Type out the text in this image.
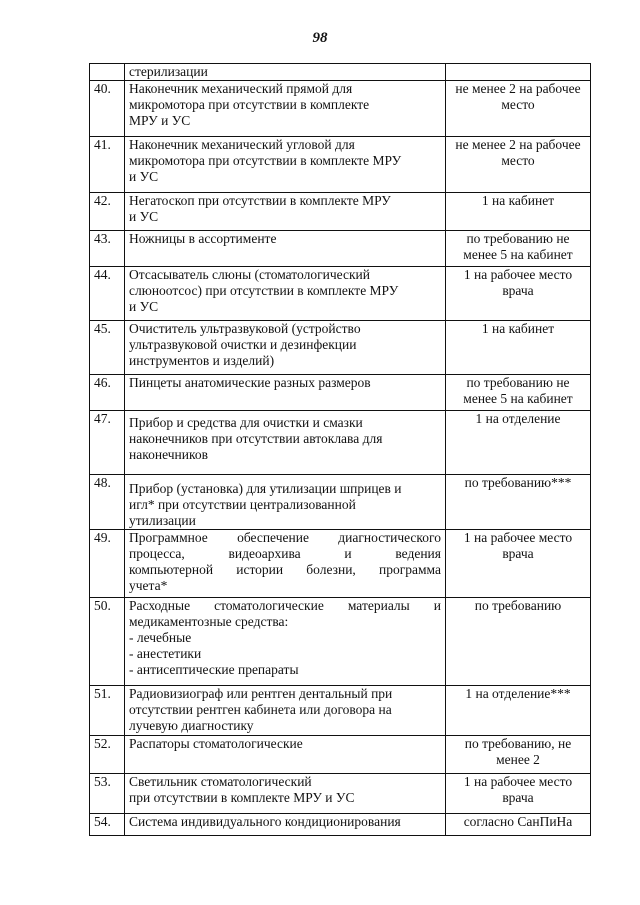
98

	стерилизации	

40.	Наконечник механический прямой для
микромотора при отсутствии в комплекте
МРУ и УС	не менее 2 на рабочее место
41.	Наконечник механический угловой для
микромотора при отсутствии в комплекте МРУ
и УС	не менее 2 на рабочее место
42.	Негатоскоп при отсутствии в комплекте МРУ
и УС	1 на кабинет
43.	Ножницы в ассортименте	по требованию не менее 5 на кабинет
44.	Отсасыватель слюны (стоматологический
слюноотсос) при отсутствии в комплекте МРУ
и УС	1 на рабочее место врача
45.	Очиститель ультразвуковой (устройство
ультразвуковой очистки и дезинфекции
инструментов и изделий)	1 на кабинет
46.	Пинцеты анатомические разных размеров	по требованию не менее 5 на кабинет
47.	Прибор и средства для очистки и смазки
наконечников при отсутствии автоклава для
наконечников	1 на отделение
48.	Прибор (установка) для утилизации шприцев и
игл* при отсутствии централизованной
утилизации	по требованию***
49.	Программное обеспечение диагностического
процесса, видеоархива и ведения
компьютерной истории болезни, программа
учета*	1 на рабочее место врача
50.	Расходные стоматологические материалы и
медикаментозные средства:
- лечебные
- анестетики
- антисептические препараты	по требованию
51.	Радиовизиограф или рентген дентальный при
отсутствии рентген кабинета или договора на
лучевую диагностику	1 на отделение***
52.	Распаторы стоматологические	по требованию, не менее 2
53.	Светильник стоматологический
при отсутствии в комплекте МРУ и УС	1 на рабочее место врача
54.	Система индивидуального кондиционирования	согласно СанПиНа
